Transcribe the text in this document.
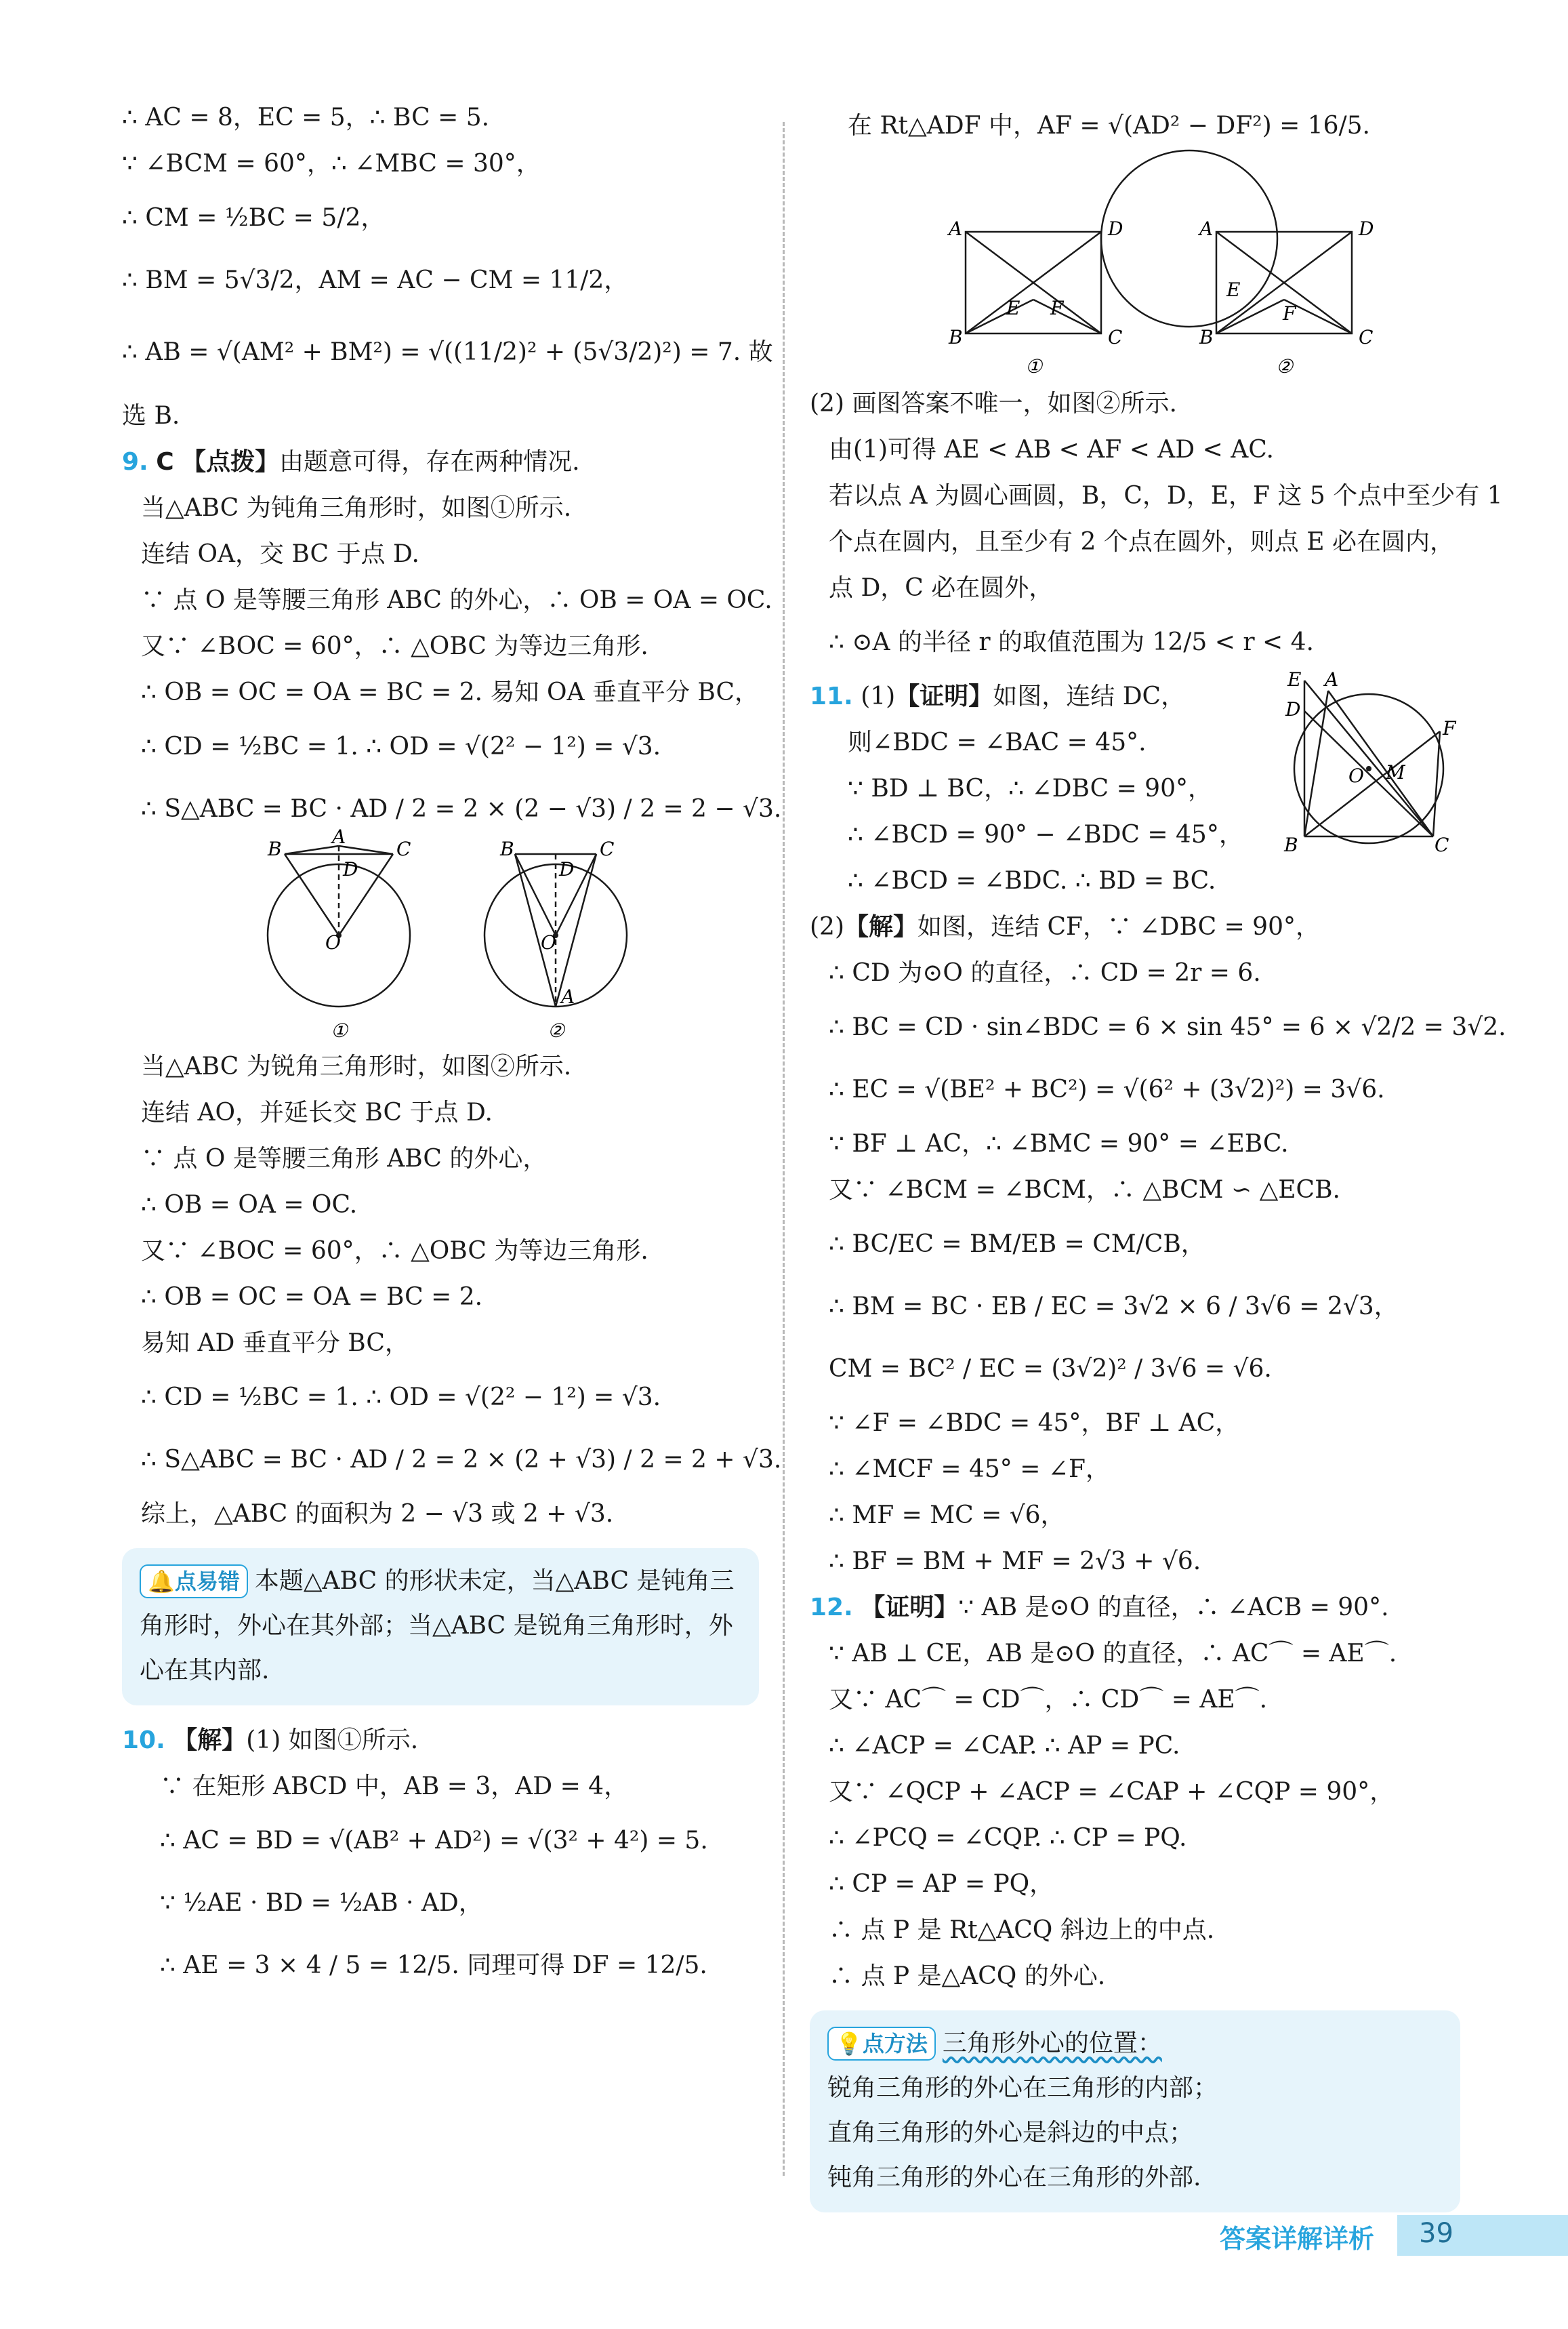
∴ AC = 8，EC = 5，∴ BC = 5.
∵ ∠BCM = 60°，∴ ∠MBC = 30°，
∴ CM = ½BC = 5/2，
∴ BM = 5√3/2，AM = AC − CM = 11/2，
∴ AB = √(AM² + BM²) = √((11/2)² + (5√3/2)²) = 7. 故
选 B.
9. C 【点拨】由题意可得，存在两种情况.
当△ABC 为钝角三角形时，如图①所示.
连结 OA，交 BC 于点 D.
∵ 点 O 是等腰三角形 ABC 的外心，∴ OB = OA = OC.
又∵ ∠BOC = 60°，∴ △OBC 为等边三角形.
∴ OB = OC = OA = BC = 2. 易知 OA 垂直平分 BC，
∴ CD = ½BC = 1. ∴ OD = √(2² − 1²) = √3.
∴ S△ABC = BC · AD / 2 = 2 × (2 − √3) / 2 = 2 − √3.
B
A
C
D
O
①
B	C
D
O
A
②
当△ABC 为锐角三角形时，如图②所示.
连结 AO，并延长交 BC 于点 D.
∵ 点 O 是等腰三角形 ABC 的外心，
∴ OB = OA = OC.
又∵ ∠BOC = 60°，∴ △OBC 为等边三角形.
∴ OB = OC = OA = BC = 2.
易知 AD 垂直平分 BC，
∴ CD = ½BC = 1. ∴ OD = √(2² − 1²) = √3.
∴ S△ABC = BC · AD / 2 = 2 × (2 + √3) / 2 = 2 + √3.
综上，△ABC 的面积为 2 − √3 或 2 + √3.
🔔点易错 本题△ABC 的形状未定，当△ABC 是钝角三
角形时，外心在其外部；当△ABC 是锐角三角形时，外
心在其内部.
10. 【解】(1) 如图①所示.
∵ 在矩形 ABCD 中，AB = 3，AD = 4，
∴ AC = BD = √(AB² + AD²) = √(3² + 4²) = 5.
∵ ½AE · BD = ½AB · AD，
∴ AE = 3 × 4 / 5 = 12/5. 同理可得 DF = 12/5.
在 Rt△ADF 中，AF = √(AD² − DF²) = 16/5.
A	D
B	C
E F
①
A	D
B	C
E
F
②
(2) 画图答案不唯一，如图②所示.
由(1)可得 AE < AB < AF < AD < AC.
若以点 A 为圆心画圆，B，C，D，E，F 这 5 个点中至少有 1
个点在圆内，且至少有 2 个点在圆外，则点 E 必在圆内，
点 D，C 必在圆外，
∴ ⊙A 的半径 r 的取值范围为 12/5 < r < 4.
E A
D
F
O M
B	C
11. (1)【证明】如图，连结 DC，
则∠BDC = ∠BAC = 45°.
∵ BD ⊥ BC，∴ ∠DBC = 90°，
∴ ∠BCD = 90° − ∠BDC = 45°，
∴ ∠BCD = ∠BDC. ∴ BD = BC.
(2)【解】如图，连结 CF，∵ ∠DBC = 90°，
∴ CD 为⊙O 的直径，∴ CD = 2r = 6.
∴ BC = CD · sin∠BDC = 6 × sin 45° = 6 × √2/2 = 3√2.
∴ EC = √(BE² + BC²) = √(6² + (3√2)²) = 3√6.
∵ BF ⊥ AC，∴ ∠BMC = 90° = ∠EBC.
又∵ ∠BCM = ∠BCM，∴ △BCM ∽ △ECB.
∴ BC/EC = BM/EB = CM/CB，
∴ BM = BC · EB / EC = 3√2 × 6 / 3√6 = 2√3，
CM = BC² / EC = (3√2)² / 3√6 = √6.
∵ ∠F = ∠BDC = 45°，BF ⊥ AC，
∴ ∠MCF = 45° = ∠F，
∴ MF = MC = √6，
∴ BF = BM + MF = 2√3 + √6.
12. 【证明】∵ AB 是⊙O 的直径，∴ ∠ACB = 90°.
∵ AB ⊥ CE，AB 是⊙O 的直径，∴ AC⌒ = AE⌒.
又∵ AC⌒ = CD⌒，∴ CD⌒ = AE⌒.
∴ ∠ACP = ∠CAP. ∴ AP = PC.
又∵ ∠QCP + ∠ACP = ∠CAP + ∠CQP = 90°，
∴ ∠PCQ = ∠CQP. ∴ CP = PQ.
∴ CP = AP = PQ，
∴ 点 P 是 Rt△ACQ 斜边上的中点.
∴ 点 P 是△ACQ 的外心.
💡点方法 三角形外心的位置：
锐角三角形的外心在三角形的内部；
直角三角形的外心是斜边的中点；
钝角三角形的外心在三角形的外部.
答案详解详析 39
